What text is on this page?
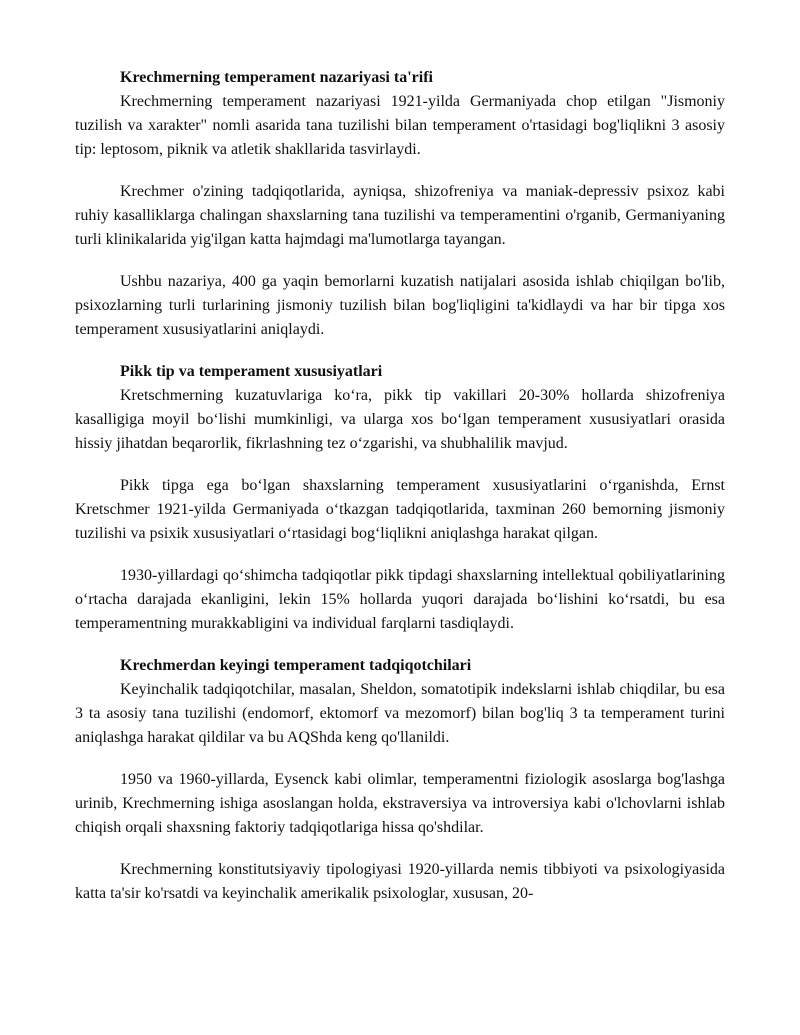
Krechmerning temperament nazariyasi ta'rifi

Krechmerning temperament nazariyasi 1921-yilda Germaniyada chop etilgan "Jismoniy tuzilish va xarakter" nomli asarida tana tuzilishi bilan temperament o'rtasidagi bog'liqlikni 3 asosiy tip: leptosom, piknik va atletik shakllarida tasvirlaydi.

Krechmer o'zining tadqiqotlarida, ayniqsa, shizofreniya va maniak-depressiv psixoz kabi ruhiy kasalliklarga chalingan shaxslarning tana tuzilishi va temperamentini o'rganib, Germaniyaning turli klinikalarida yig'ilgan katta hajmdagi ma'lumotlarga tayangan.

Ushbu nazariya, 400 ga yaqin bemorlarni kuzatish natijalari asosida ishlab chiqilgan bo'lib, psixozlarning turli turlarining jismoniy tuzilish bilan bog'liqligini ta'kidlaydi va har bir tipga xos temperament xususiyatlarini aniqlaydi.

Pikk tip va temperament xususiyatlari

Kretschmerning kuzatuvlariga ko‘ra, pikk tip vakillari 20-30% hollarda shizofreniya kasalligiga moyil bo‘lishi mumkinligi, va ularga xos bo‘lgan temperament xususiyatlari orasida hissiy jihatdan beqarorlik, fikrlashning tez o‘zgarishi, va shubhalilik mavjud.

Pikk tipga ega bo‘lgan shaxslarning temperament xususiyatlarini o‘rganishda, Ernst Kretschmer 1921-yilda Germaniyada o‘tkazgan tadqiqotlarida, taxminan 260 bemorning jismoniy tuzilishi va psixik xususiyatlari o‘rtasidagi bog‘liqlikni aniqlashga harakat qilgan.

1930-yillardagi qo‘shimcha tadqiqotlar pikk tipdagi shaxslarning intellektual qobiliyatlarining o‘rtacha darajada ekanligini, lekin 15% hollarda yuqori darajada bo‘lishini ko‘rsatdi, bu esa temperamentning murakkabligini va individual farqlarni tasdiqlaydi.

Krechmerdan keyingi temperament tadqiqotchilari

Keyinchalik tadqiqotchilar, masalan, Sheldon, somatotipik indekslarni ishlab chiqdilar, bu esa 3 ta asosiy tana tuzilishi (endomorf, ektomorf va mezomorf) bilan bog'liq 3 ta temperament turini aniqlashga harakat qildilar va bu AQShda keng qo'llanildi.

1950 va 1960-yillarda, Eysenck kabi olimlar, temperamentni fiziologik asoslarga bog'lashga urinib, Krechmerning ishiga asoslangan holda, ekstraversiya va introversiya kabi o'lchovlarni ishlab chiqish orqali shaxsning faktoriy tadqiqotlariga hissa qo'shdilar.

Krechmerning konstitutsiyaviy tipologiyasi 1920-yillarda nemis tibbiyoti va psixologiyasida katta ta'sir ko'rsatdi va keyinchalik amerikalik psixologlar, xususan, 20-
